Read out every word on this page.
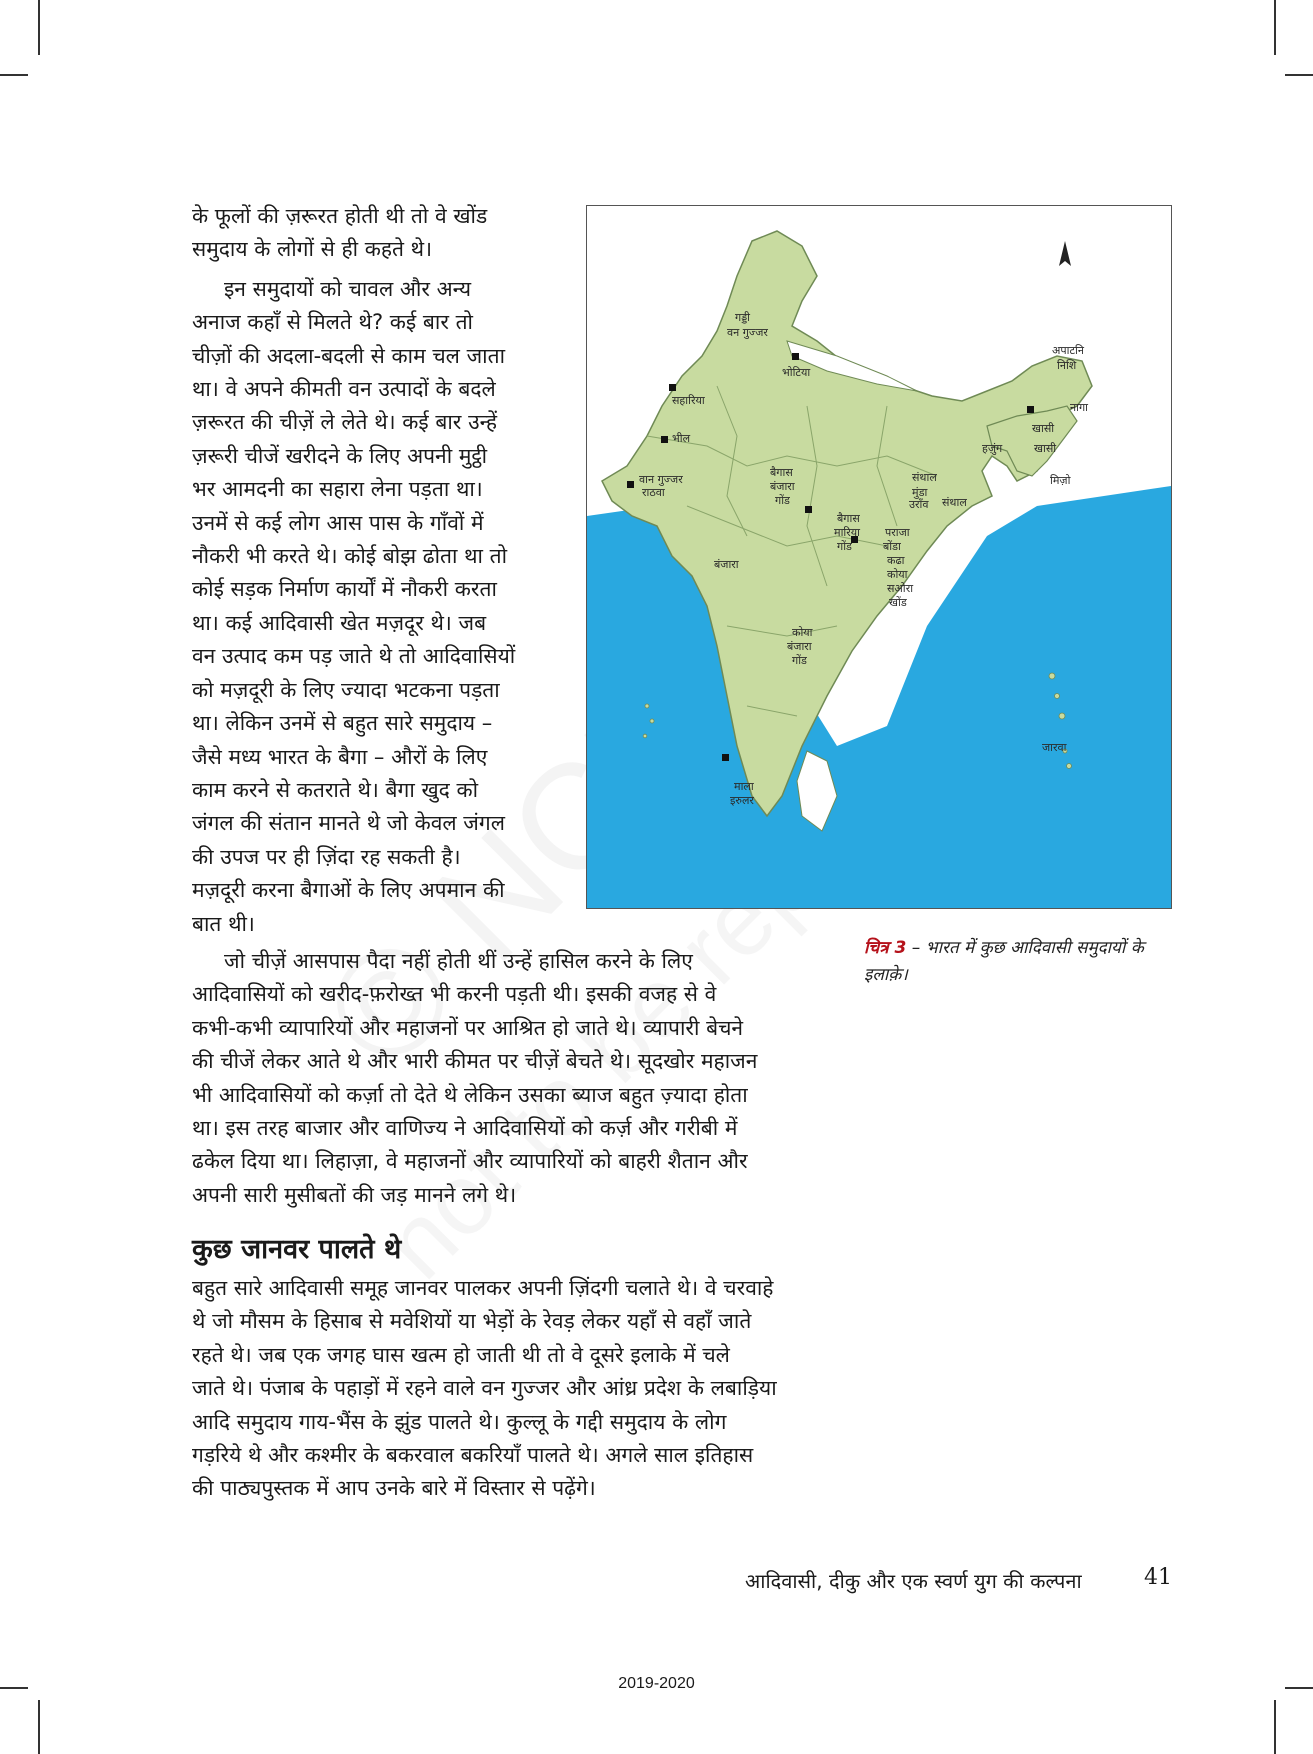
के फूलों की ज़रूरत होती थी तो वे खोंड
समुदाय के लोगों से ही कहते थे।
इन समुदायों को चावल और अन्य
अनाज कहाँ से मिलते थे? कई बार तो
चीज़ों की अदला-बदली से काम चल जाता
था। वे अपने कीमती वन उत्पादों के बदले
ज़रूरत की चीज़ें ले लेते थे। कई बार उन्हें
ज़रूरी चीजें खरीदने के लिए अपनी मुट्ठी
भर आमदनी का सहारा लेना पड़ता था।
उनमें से कई लोग आस पास के गाँवों में
नौकरी भी करते थे। कोई बोझ ढोता था तो
कोई सड़क निर्माण कार्यों में नौकरी करता
था। कई आदिवासी खेत मज़दूर थे। जब
वन उत्पाद कम पड़ जाते थे तो आदिवासियों
को मज़दूरी के लिए ज्यादा भटकना पड़ता
था। लेकिन उनमें से बहुत सारे समुदाय –
जैसे मध्य भारत के बैगा – औरों के लिए
काम करने से कतराते थे। बैगा खुद को
जंगल की संतान मानते थे जो केवल जंगल
की उपज पर ही ज़िंदा रह सकती है।
मज़दूरी करना बैगाओं के लिए अपमान की
बात थी।
गड्डी
वन गुज्जर
भोटिया
अपाटनि
निशि
नागा
सहारिया
भील
खासी
हज़ुंग	खासी
वान गुज्जर
राठवा
बैगास
बंजारा
गोंड
संथाल
मुंडा
उराँव संथाल
मिज़ो
बैगास
मारिया
गोंड
पराजा
बोंडा
कढा
कोया
सओरा
खोंड
बंजारा
कोया
बंजारा
गोंड
जारवा
माला
इरुलर
चित्र 3 – भारत में कुछ आदिवासी समुदायों के इलाक़े।
जो चीज़ें आसपास पैदा नहीं होती थीं उन्हें हासिल करने के लिए
आदिवासियों को खरीद-फ़रोख्त भी करनी पड़ती थी। इसकी वजह से वे
कभी-कभी व्यापारियों और महाजनों पर आश्रित हो जाते थे। व्यापारी बेचने
की चीजें लेकर आते थे और भारी कीमत पर चीज़ें बेचते थे। सूदखोर महाजन
भी आदिवासियों को कर्ज़ा तो देते थे लेकिन उसका ब्याज बहुत ज़्यादा होता
था। इस तरह बाजार और वाणिज्य ने आदिवासियों को कर्ज़ और गरीबी में
ढकेल दिया था। लिहाज़ा, वे महाजनों और व्यापारियों को बाहरी शैतान और
अपनी सारी मुसीबतों की जड़ मानने लगे थे।
कुछ जानवर पालते थे
बहुत सारे आदिवासी समूह जानवर पालकर अपनी ज़िंदगी चलाते थे। वे चरवाहे
थे जो मौसम के हिसाब से मवेशियों या भेड़ों के रेवड़ लेकर यहाँ से वहाँ जाते
रहते थे। जब एक जगह घास खत्म हो जाती थी तो वे दूसरे इलाके में चले
जाते थे। पंजाब के पहाड़ों में रहने वाले वन गुज्जर और आंध्र प्रदेश के लबाड़िया
आदि समुदाय गाय-भैंस के झुंड पालते थे। कुल्लू के गद्दी समुदाय के लोग
गड़रिये थे और कश्मीर के बकरवाल बकरियाँ पालते थे। अगले साल इतिहास
की पाठ्यपुस्तक में आप उनके बारे में विस्तार से पढ़ेंगे।
आदिवासी, दीकु और एक स्वर्ण युग की कल्पना	41
2019-2020
